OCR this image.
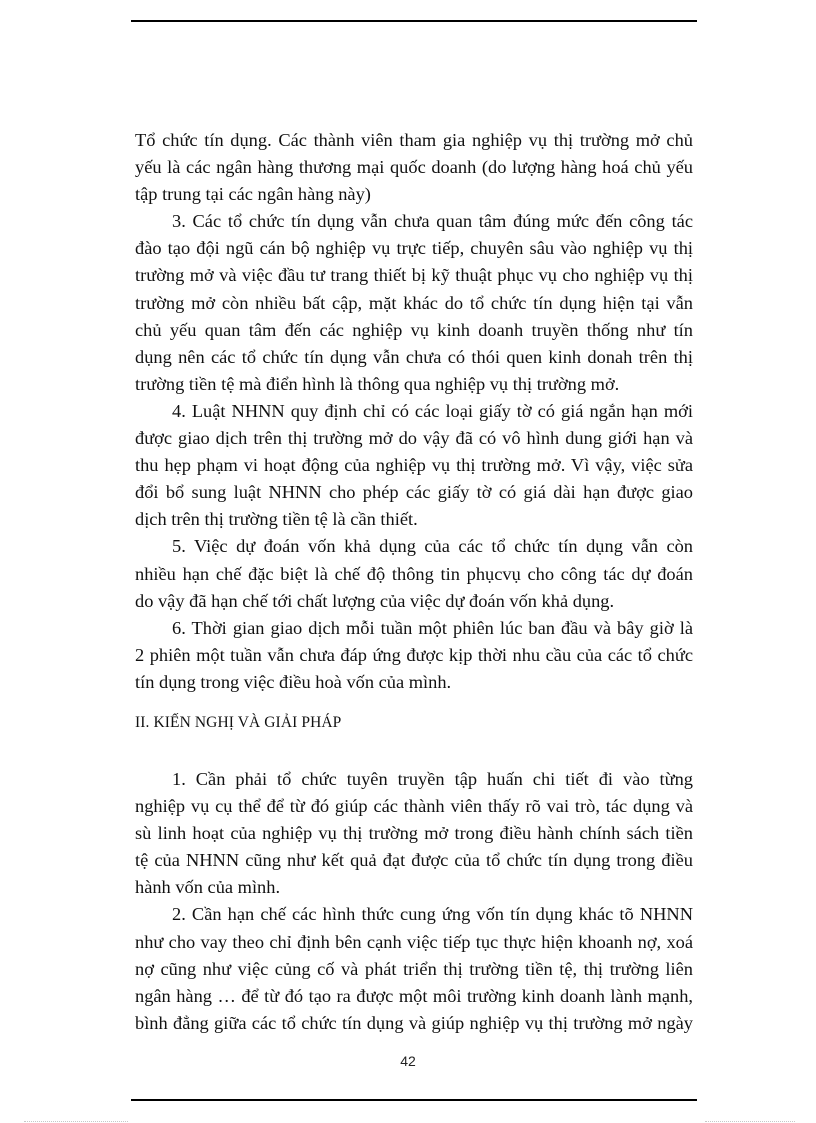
Tổ chức tín dụng. Các thành viên tham gia nghiệp vụ thị trường mở chủ

yếu là các ngân hàng thương mại quốc doanh (do lượng hàng hoá chủ yếu

tập trung tại các ngân hàng này)

3. Các tổ chức tín dụng vẫn chưa quan tâm đúng mức đến công tác

đào tạo đội ngũ cán bộ nghiệp vụ trực tiếp, chuyên sâu vào nghiệp vụ thị

trường mở và việc đầu tư trang thiết bị kỹ thuật phục vụ cho nghiệp vụ thị

trường mở còn nhiều bất cập, mặt khác do tổ chức tín dụng hiện tại vẫn

chủ yếu quan tâm đến các nghiệp vụ kinh doanh truyền thống như tín

dụng nên các tổ chức tín dụng vẫn chưa có thói quen kinh donah trên thị

trường tiền tệ mà điển hình là thông qua nghiệp vụ thị trường mở.

4. Luật NHNN quy định chỉ có các loại giấy tờ có giá ngắn hạn mới

được giao dịch trên thị trường mở do vậy đã có vô hình dung giới hạn và

thu hẹp phạm vi hoạt động của nghiệp vụ thị trường mở. Vì vậy, việc sửa

đổi bổ sung luật NHNN cho phép các giấy tờ có giá dài hạn được giao

dịch trên thị trường tiền tệ là cần thiết.

5. Việc dự đoán vốn khả dụng của các tổ chức tín dụng vẫn còn

nhiều hạn chế đặc biệt là chế độ thông tin phụcvụ cho công tác dự đoán

do vậy đã hạn chế tới chất lượng của việc dự đoán vốn khả dụng.

6. Thời gian giao dịch mỗi tuần một phiên lúc ban đầu và bây giờ là

2 phiên một tuần vẫn chưa đáp ứng được kịp thời nhu cầu của các tổ chức

tín dụng trong việc điều hoà vốn của mình.

II. KIẾN NGHỊ VÀ GIẢI PHÁP

1. Cần phải tổ chức tuyên truyền tập huấn chi tiết đi vào từng

nghiệp vụ cụ thể để từ đó giúp các thành viên thấy rõ vai trò, tác dụng và

sù linh hoạt của nghiệp vụ thị trường mở trong điều hành chính sách tiền

tệ của NHNN cũng như kết quả đạt được của tổ chức tín dụng trong điều

hành vốn của mình.

2. Cần hạn chế các hình thức cung ứng vốn tín dụng khác tõ NHNN

như cho vay theo chỉ định bên cạnh việc tiếp tục thực hiện khoanh nợ, xoá

nợ cũng như việc củng cố và phát triển thị trường tiền tệ, thị trường liên

ngân hàng … để từ đó tạo ra được một môi trường kinh doanh lành mạnh,

bình đẳng giữa các tổ chức tín dụng và giúp nghiệp vụ thị trường mở ngày

42
